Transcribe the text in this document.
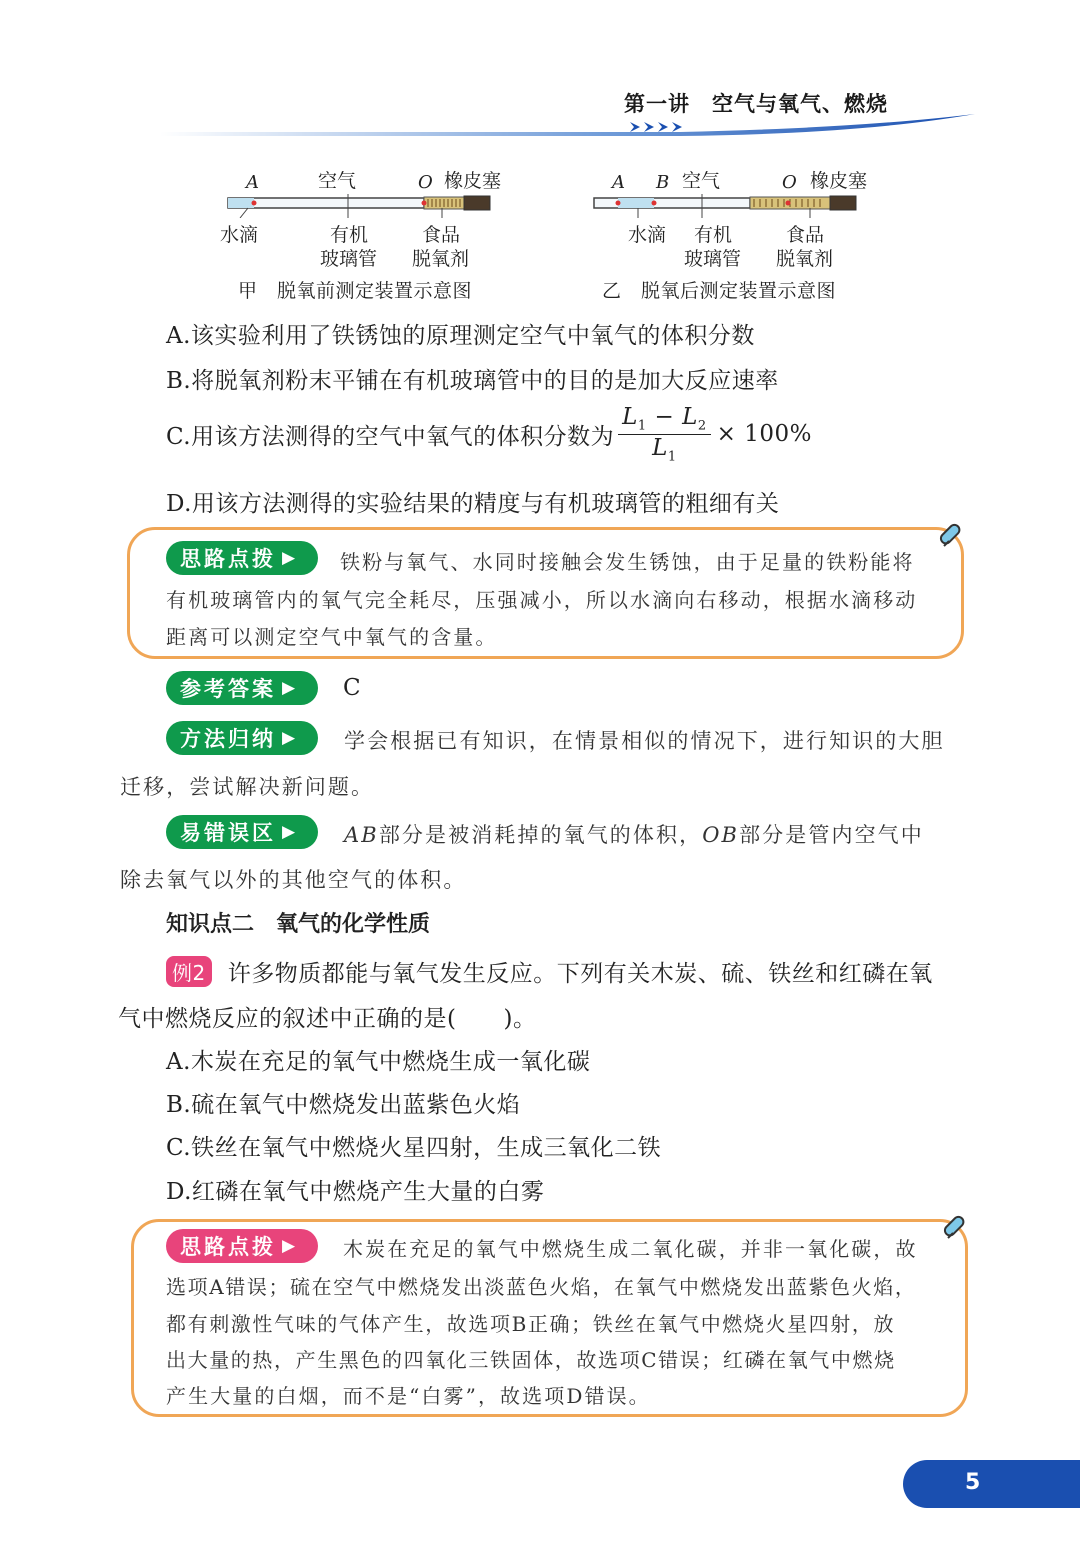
第一讲　空气与氧气、燃烧
A	空气	O 橡皮塞
水滴	有机
玻璃管
食品
脱氧剂
甲　脱氧前测定装置示意图
A B 空气	O 橡皮塞
水滴 有机
玻璃管
食品
脱氧剂
乙　脱氧后测定装置示意图
A.该实验利用了铁锈蚀的原理测定空气中氧气的体积分数
B.将脱氧剂粉末平铺在有机玻璃管中的目的是加大反应速率
C.用该方法测得的空气中氧气的体积分数为 $\frac{L_1 - L_2}{L_1} \times 100\%$
D.用该方法测得的实验结果的精度与有机玻璃管的粗细有关
思路点拨 ▶ 铁粉与氧气、水同时接触会发生锈蚀，由于足量的铁粉能将
有机玻璃管内的氧气完全耗尽，压强减小，所以水滴向右移动，根据水滴移动
距离可以测定空气中氧气的含量。
参考答案 ▶ C
方法归纳 ▶ 学会根据已有知识，在情景相似的情况下，进行知识的大胆
迁移，尝试解决新问题。
易错误区 ▶ AB部分是被消耗掉的氧气的体积，OB部分是管内空气中
除去氧气以外的其他空气的体积。
知识点二　氧气的化学性质
例2 许多物质都能与氧气发生反应。下列有关木炭、硫、铁丝和红磷在氧
气中燃烧反应的叙述中正确的是(　　)。
A.木炭在充足的氧气中燃烧生成一氧化碳
B.硫在氧气中燃烧发出蓝紫色火焰
C.铁丝在氧气中燃烧火星四射，生成三氧化二铁
D.红磷在氧气中燃烧产生大量的白雾
思路点拨 ▶ 木炭在充足的氧气中燃烧生成二氧化碳，并非一氧化碳，故
选项A错误；硫在空气中燃烧发出淡蓝色火焰，在氧气中燃烧发出蓝紫色火焰，
都有刺激性气味的气体产生，故选项B正确；铁丝在氧气中燃烧火星四射，放
出大量的热，产生黑色的四氧化三铁固体，故选项C错误；红磷在氧气中燃烧
产生大量的白烟，而不是“白雾”，故选项D错误。
5
